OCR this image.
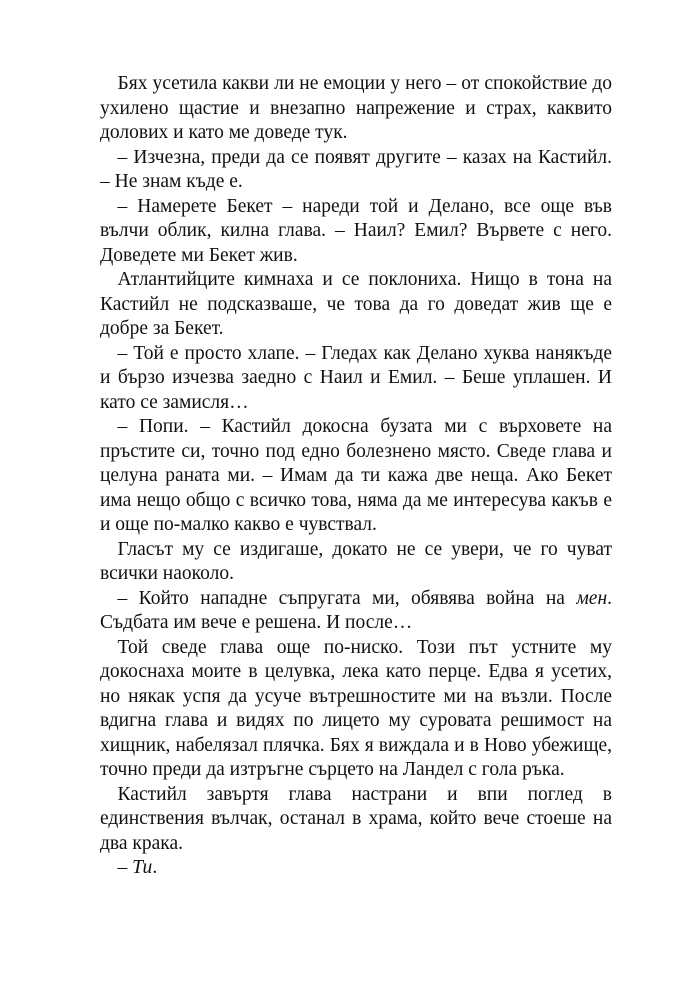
Бях усетила какви ли не емоции у него – от спокойствие до ухилено щастие и внезапно напрежение и страх, каквито долових и като ме доведе тук.

– Изчезна, преди да се появят другите – казах на Кастийл. – Не знам къде е.

– Намерете Бекет – нареди той и Делано, все още във вълчи облик, килна глава. – Наил? Емил? Вървете с него. Доведете ми Бекет жив.

Атлантийците кимнаха и се поклониха. Нищо в тона на Кастийл не подсказваше, че това да го доведат жив ще е добре за Бекет.

– Той е просто хлапе. – Гледах как Делано хуква нанякъде и бързо изчезва заедно с Наил и Емил. – Беше уплашен. И като се замисля…

– Попи. – Кастийл докосна бузата ми с върховете на пръстите си, точно под едно болезнено място. Сведе глава и целуна раната ми. – Имам да ти кажа две неща. Ако Бекет има нещо общо с всичко това, няма да ме интересува какъв е и още по-малко какво е чувствал.

Гласът му се издигаше, докато не се увери, че го чуват всички наоколо.

– Който нападне съпругата ми, обявява война на мен. Съдбата им вече е решена. И после…

Той сведе глава още по-ниско. Този път устните му докоснаха моите в целувка, лека като перце. Едва я усетих, но някак успя да усуче вътрешностите ми на възли. После вдигна глава и видях по лицето му суровата решимост на хищник, набелязал плячка. Бях я виждала и в Ново убежище, точно преди да изтръгне сърцето на Ландел с гола ръка.

Кастийл завъртя глава настрани и впи поглед в единствения вълчак, останал в храма, който вече стоеше на два крака.

– Ти.
